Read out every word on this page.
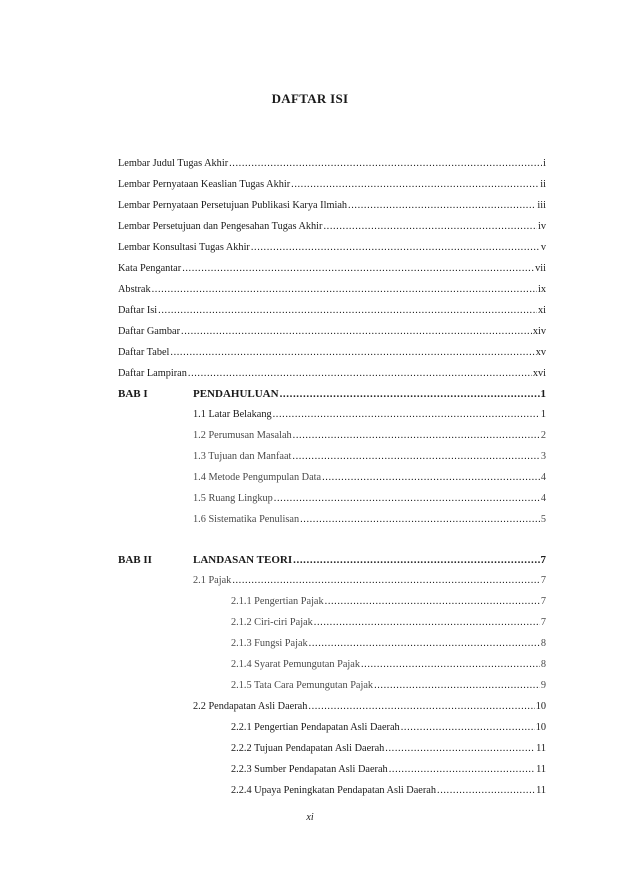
DAFTAR ISI
Lembar Judul Tugas Akhir .....	i
Lembar Pernyataan Keaslian Tugas Akhir .....	ii
Lembar Pernyataan Persetujuan Publikasi Karya Ilmiah .....	iii
Lembar Persetujuan dan Pengesahan Tugas Akhir .....	iv
Lembar Konsultasi Tugas Akhir .....	v
Kata Pengantar .....	vii
Abstrak .....	ix
Daftar Isi .....	xi
Daftar Gambar .....	xiv
Daftar Tabel .....	xv
Daftar Lampiran .....	xvi
BAB I	PENDAHULUAN .....	1
1.1 Latar Belakang .....	1
1.2 Perumusan Masalah .....	2
1.3 Tujuan dan Manfaat .....	3
1.4 Metode Pengumpulan Data .....	4
1.5 Ruang Lingkup .....	4
1.6 Sistematika Penulisan .....	5
BAB II	LANDASAN TEORI .....	7
2.1 Pajak .....	7
2.1.1 Pengertian Pajak .....	7
2.1.2 Ciri-ciri Pajak .....	7
2.1.3 Fungsi Pajak .....	8
2.1.4 Syarat Pemungutan Pajak .....	8
2.1.5 Tata Cara Pemungutan Pajak .....	9
2.2 Pendapatan Asli Daerah .....	10
2.2.1 Pengertian Pendapatan Asli Daerah .....	10
2.2.2 Tujuan Pendapatan Asli Daerah .....	11
2.2.3 Sumber Pendapatan Asli Daerah .....	11
2.2.4 Upaya Peningkatan Pendapatan Asli Daerah .....	11
xi
